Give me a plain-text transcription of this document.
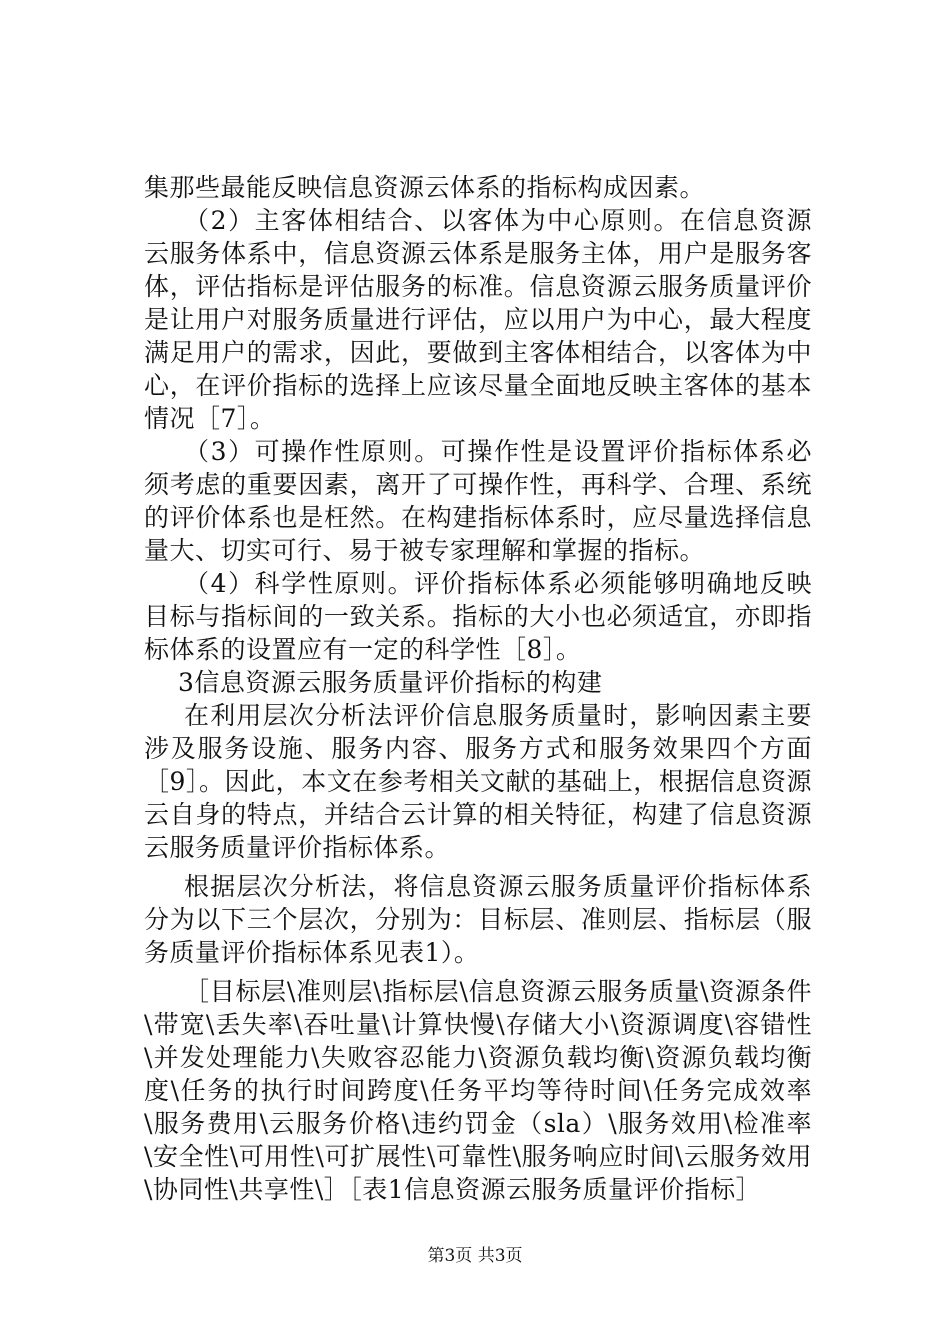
集那些最能反映信息资源云体系的指标构成因素。

（2）主客体相结合、以客体为中心原则。在信息资源云服务体系中，信息资源云体系是服务主体，用户是服务客体，评估指标是评估服务的标准。信息资源云服务质量评价是让用户对服务质量进行评估，应以用户为中心，最大程度满足用户的需求，因此，要做到主客体相结合，以客体为中心，在评价指标的选择上应该尽量全面地反映主客体的基本情况［7］。

（3）可操作性原则。可操作性是设置评价指标体系必须考虑的重要因素，离开了可操作性，再科学、合理、系统的评价体系也是枉然。在构建指标体系时，应尽量选择信息量大、切实可行、易于被专家理解和掌握的指标。

（4）科学性原则。评价指标体系必须能够明确地反映目标与指标间的一致关系。指标的大小也必须适宜，亦即指标体系的设置应有一定的科学性［8］。

3信息资源云服务质量评价指标的构建

在利用层次分析法评价信息服务质量时，影响因素主要涉及服务设施、服务内容、服务方式和服务效果四个方面［9］。因此，本文在参考相关文献的基础上，根据信息资源云自身的特点，并结合云计算的相关特征，构建了信息资源云服务质量评价指标体系。

根据层次分析法，将信息资源云服务质量评价指标体系分为以下三个层次，分别为：目标层、准则层、指标层（服务质量评价指标体系见表1）。

［目标层\准则层\指标层\信息资源云服务质量\资源条件\带宽\丢失率\吞吐量\计算快慢\存储大小\资源调度\容错性\并发处理能力\失败容忍能力\资源负载均衡\资源负载均衡度\任务的执行时间跨度\任务平均等待时间\任务完成效率\服务费用\云服务价格\违约罚金（sla）\服务效用\检准率\安全性\可用性\可扩展性\可靠性\服务响应时间\云服务效用\协同性\共享性\］［表1信息资源云服务质量评价指标］

第3页 共3页
